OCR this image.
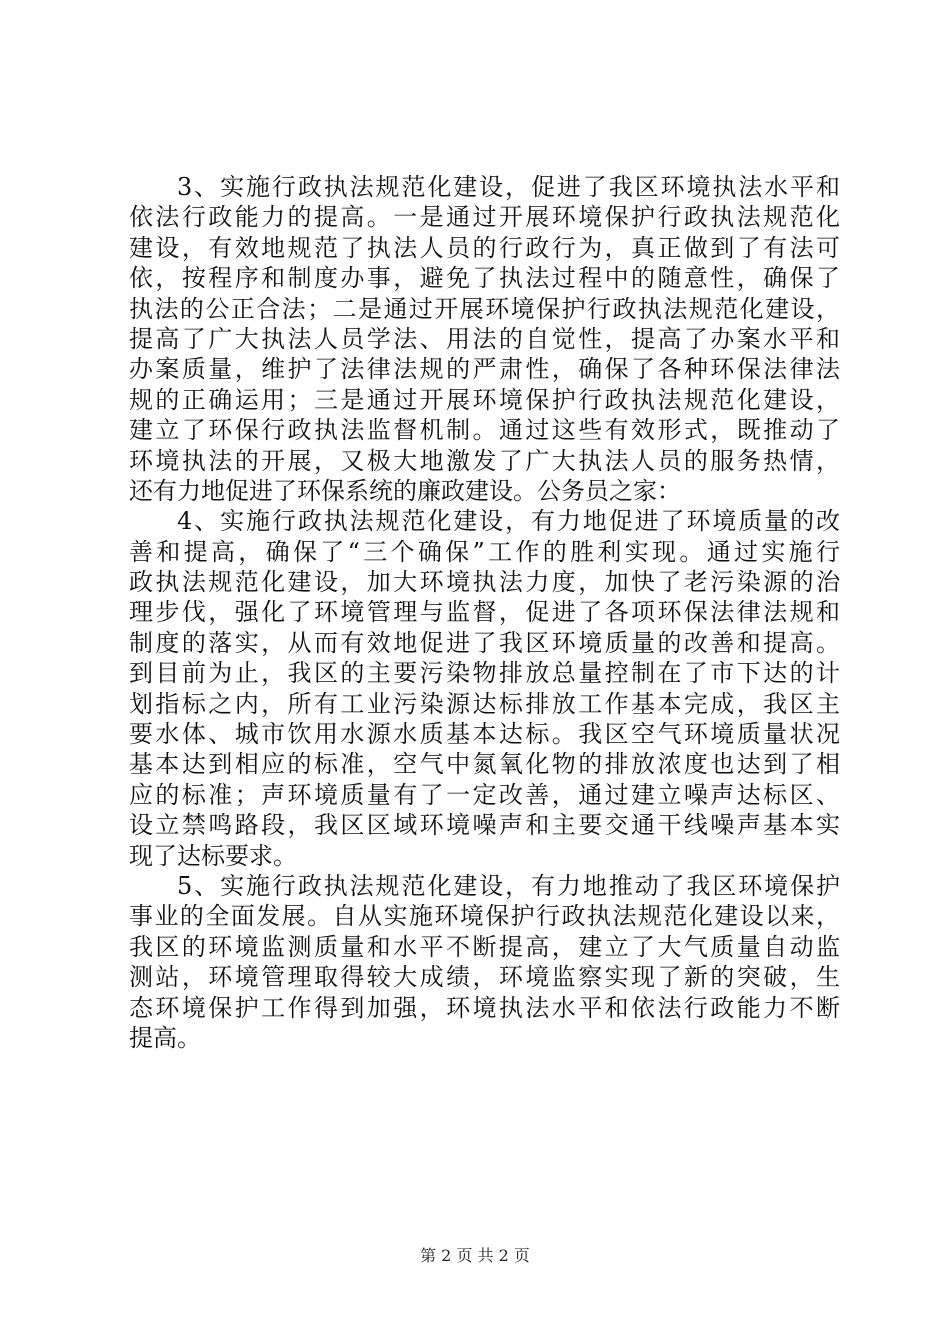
3、实施行政执法规范化建设，促进了我区环境执法水平和
依法行政能力的提高。一是通过开展环境保护行政执法规范化
建设，有效地规范了执法人员的行政行为，真正做到了有法可
依，按程序和制度办事，避免了执法过程中的随意性，确保了
执法的公正合法；二是通过开展环境保护行政执法规范化建设，
提高了广大执法人员学法、用法的自觉性，提高了办案水平和
办案质量，维护了法律法规的严肃性，确保了各种环保法律法
规的正确运用；三是通过开展环境保护行政执法规范化建设，
建立了环保行政执法监督机制。通过这些有效形式，既推动了
环境执法的开展，又极大地激发了广大执法人员的服务热情，
还有力地促进了环保系统的廉政建设。公务员之家：
4、实施行政执法规范化建设，有力地促进了环境质量的改
善和提高，确保了“三个确保”工作的胜利实现。通过实施行
政执法规范化建设，加大环境执法力度，加快了老污染源的治
理步伐，强化了环境管理与监督，促进了各项环保法律法规和
制度的落实，从而有效地促进了我区环境质量的改善和提高。
到目前为止，我区的主要污染物排放总量控制在了市下达的计
划指标之内，所有工业污染源达标排放工作基本完成，我区主
要水体、城市饮用水源水质基本达标。我区空气环境质量状况
基本达到相应的标准，空气中氮氧化物的排放浓度也达到了相
应的标准；声环境质量有了一定改善，通过建立噪声达标区、
设立禁鸣路段，我区区域环境噪声和主要交通干线噪声基本实
现了达标要求。
5、实施行政执法规范化建设，有力地推动了我区环境保护
事业的全面发展。自从实施环境保护行政执法规范化建设以来，
我区的环境监测质量和水平不断提高，建立了大气质量自动监
测站，环境管理取得较大成绩，环境监察实现了新的突破，生
态环境保护工作得到加强，环境执法水平和依法行政能力不断
提高。
第 2 页 共 2 页
